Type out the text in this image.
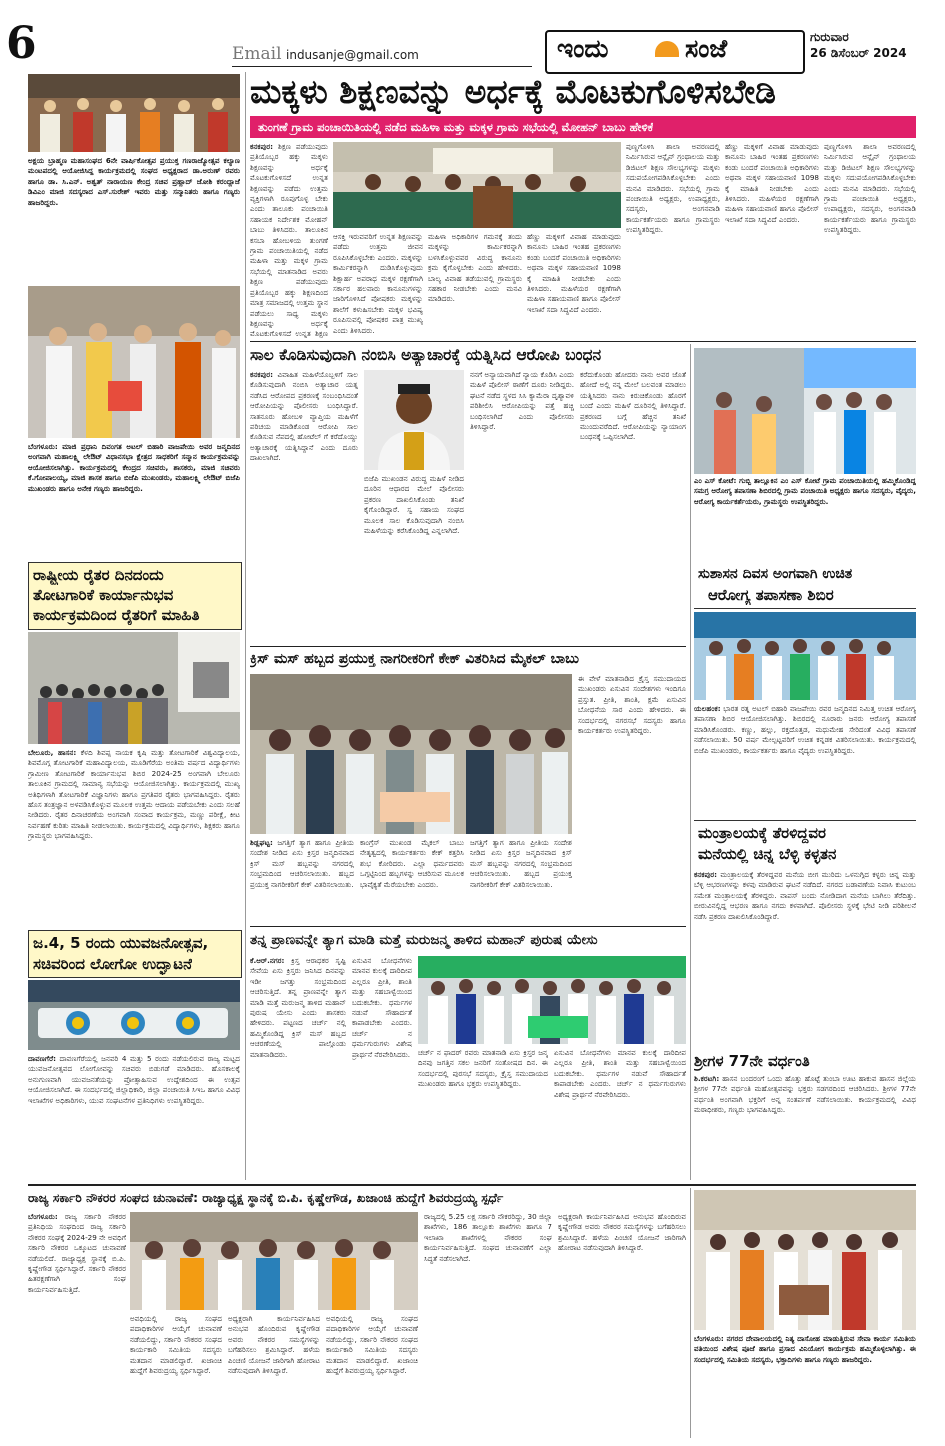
6	Email indusanje@gmail.com	ಇಂದು	ಸಂಜೆ	ಗುರುವಾರ
26 ಡಿಸೆಂಬರ್ 2024
ಅಕ್ಷಯ ಬ್ರಾಹ್ಮಣ ಮಹಾಸಂಘದ 6ನೇ ವಾರ್ಷಿಕೋತ್ಸವ ಪ್ರಯುಕ್ತ ಗಣರಾಜ್ಯೋತ್ಸವ ಕಲ್ಯಾಣ ಮಂಟಪದಲ್ಲಿ ಆಯೋಜಿಸಿದ್ದ ಕಾರ್ಯಕ್ರಮದಲ್ಲಿ ಸಂಘದ ಅಧ್ಯಕ್ಷರಾದ ಡಾ.ಅರುಣ್ ರವರು ಹಾಗೂ ಡಾ. ಸಿ.ಎನ್. ಅಶ್ವತ್ ನಾರಾಯಣ ಕೇಂದ್ರ ಸಚಿವ ಪ್ರಹ್ಲಾದ್ ಜೋಶಿ ಕರಂದ್ಲಾಜೆ ಡಿವಿಎಂ ಮಾಜಿ ಸದಸ್ಯರಾದ ಎಸ್.ಸುರೇಶ್ ಇವರು ಮತ್ತು ಸನ್ಮಾನಿತರು ಹಾಗೂ ಗಣ್ಯರು ಹಾಜರಿದ್ದರು.
ಬೆಂಗಳೂರು: ಮಾಜಿ ಪ್ರಧಾನಿ ದಿವಂಗತ ಅಟಲ್ ಬಿಹಾರಿ ವಾಜಪೇಯಿ ಅವರ ಜನ್ಮದಿನದ ಅಂಗವಾಗಿ ಮಹಾಲಕ್ಷ್ಮಿ ಲೇಔಟ್ ವಿಧಾನಸಭಾ ಕ್ಷೇತ್ರದ ಸಾಧಕರಿಗೆ ಸನ್ಮಾನ ಕಾರ್ಯಕ್ರಮವನ್ನು ಆಯೋಜಿಸಲಾಗಿತ್ತು. ಕಾರ್ಯಕ್ರಮದಲ್ಲಿ ಕೇಂದ್ರದ ಸಚಿವರು, ಶಾಸಕರು, ಮಾಜಿ ಸಚಿವರು ಕೆ.ಗೋಪಾಲಯ್ಯ, ಮಾಜಿ ಶಾಸಕ ಹಾಗೂ ಬಿಜೆಪಿ ಮುಖಂಡರು, ಮಹಾಲಕ್ಷ್ಮಿ ಲೇಔಟ್ ಬಿಜೆಪಿ ಮುಖಂಡರು ಹಾಗೂ ಅನೇಕ ಗಣ್ಯರು ಹಾಜರಿದ್ದರು.
ರಾಷ್ಟ್ರೀಯ ರೈತರ ದಿನದಂದು
ತೋಟಗಾರಿಕೆ ಕಾರ್ಯಾನುಭವ
ಕಾರ್ಯಕ್ರಮದಿಂದ ರೈತರಿಗೆ ಮಾಹಿತಿ
ಬೇಲೂರು, ಹಾಸನ: ಕೆಳದಿ ಶಿವಪ್ಪ ನಾಯಕ ಕೃಷಿ ಮತ್ತು ತೋಟಗಾರಿಕೆ ವಿಶ್ವವಿದ್ಯಾಲಯ, ಶಿವಮೊಗ್ಗ ತೋಟಗಾರಿಕೆ ಮಹಾವಿದ್ಯಾಲಯ, ಮೂಡಿಗೆರೆಯ ಅಂತಿಮ ವರ್ಷದ ವಿದ್ಯಾರ್ಥಿಗಳು ಗ್ರಾಮೀಣ ತೋಟಗಾರಿಕೆ ಕಾರ್ಯಾನುಭವ ಶಿಬಿರ 2024-25 ಅಂಗವಾಗಿ ಬೇಲೂರು ತಾಲೂಕಿನ ಗ್ರಾಮದಲ್ಲಿ ಸಾಮಾನ್ಯ ಸಭೆಯನ್ನು ಆಯೋಜಿಸಲಾಗಿತ್ತು. ಕಾರ್ಯಕ್ರಮದಲ್ಲಿ ಮುಖ್ಯ ಅತಿಥಿಗಳಾಗಿ ತೋಟಗಾರಿಕೆ ವಿಜ್ಞಾನಿಗಳು ಹಾಗೂ ಪ್ರಗತಿಪರ ರೈತರು ಭಾಗವಹಿಸಿದ್ದರು. ರೈತರು ಹೊಸ ತಂತ್ರಜ್ಞಾನ ಅಳವಡಿಸಿಕೊಳ್ಳುವ ಮೂಲಕ ಉತ್ತಮ ಆದಾಯ ಪಡೆಯಬೇಕು ಎಂದು ಸಲಹೆ ನೀಡಿದರು. ರೈತರ ದಿನಾಚರಣೆಯ ಅಂಗವಾಗಿ ಸಂವಾದ ಕಾರ್ಯಕ್ರಮ, ಮಣ್ಣು ಪರೀಕ್ಷೆ, ಕೀಟ ನಿರ್ವಹಣೆ ಕುರಿತು ಮಾಹಿತಿ ನೀಡಲಾಯಿತು. ಕಾರ್ಯಕ್ರಮದಲ್ಲಿ ವಿದ್ಯಾರ್ಥಿಗಳು, ಶಿಕ್ಷಕರು ಹಾಗೂ ಗ್ರಾಮಸ್ಥರು ಭಾಗವಹಿಸಿದ್ದರು.
ಜ.4, 5 ರಂದು ಯುವಜನೋತ್ಸವ,
ಸಚಿವರಿಂದ ಲೋಗೋ ಉದ್ಘಾಟನೆ
ದಾವಣಗೆರೆ: ದಾವಣಗೆರೆಯಲ್ಲಿ ಜನವರಿ 4 ಮತ್ತು 5 ರಂದು ನಡೆಯಲಿರುವ ರಾಜ್ಯ ಮಟ್ಟದ ಯುವಜನೋತ್ಸವದ ಲೋಗೋವನ್ನು ಸಚಿವರು ಬಿಡುಗಡೆ ಮಾಡಿದರು. ಹೊಸಕಾಲಕ್ಕೆ ಅನುಗುಣವಾಗಿ ಯುವಜನತೆಯನ್ನು ಪ್ರೋತ್ಸಾಹಿಸುವ ಉದ್ದೇಶದಿಂದ ಈ ಉತ್ಸವ ಆಯೋಜಿಸಲಾಗಿದೆ. ಈ ಸಂದರ್ಭದಲ್ಲಿ ಜಿಲ್ಲಾಧಿಕಾರಿ, ಜಿಲ್ಲಾ ಪಂಚಾಯಿತಿ ಸಿಇಒ ಹಾಗೂ ವಿವಿಧ ಇಲಾಖೆಗಳ ಅಧಿಕಾರಿಗಳು, ಯುವ ಸಂಘಟನೆಗಳ ಪ್ರತಿನಿಧಿಗಳು ಉಪಸ್ಥಿತರಿದ್ದರು.
ಮಕ್ಕಳು ಶಿಕ್ಷಣವನ್ನು ಅರ್ಧಕ್ಕೆ ಮೊಟಕುಗೊಳಿಸಬೇಡಿ
ತುಂಗಣೆ ಗ್ರಾಮ ಪಂಚಾಯಿತಿಯಲ್ಲಿ ನಡೆದ ಮಹಿಳಾ ಮತ್ತು ಮಕ್ಕಳ ಗ್ರಾಮ ಸಭೆಯಲ್ಲಿ ಮೋಹನ್ ಬಾಬು ಹೇಳಿಕೆ
ಕನಕಪುರ: ಶಿಕ್ಷಣ ಪಡೆಯುವುದು ಪ್ರತಿಯೊಬ್ಬರ ಹಕ್ಕು ಮಕ್ಕಳು ಶಿಕ್ಷಣವನ್ನು ಅರ್ಧಕ್ಕೆ ಮೊಟಕುಗೊಳಿಸದೆ ಉನ್ನತ ಶಿಕ್ಷಣವನ್ನು ಪಡೆದು ಉತ್ತಮ ವ್ಯಕ್ತಿಗಳಾಗಿ ರೂಪುಗೊಳ್ಳ ಬೇಕು ಎಂದು ತಾಲೂಕು ಪಂಚಾಯಿತಿ ಸಹಾಯಕ ನಿರ್ದೇಶಕ ಮೋಹನ್ ಬಾಬು ತಿಳಿಸಿದರು. ತಾಲೂಕಿನ ಕಸಬಾ ಹೋಬಳಿಯ ತುಂಗಣೆ ಗ್ರಾಮ ಪಂಚಾಯಿತಿಯಲ್ಲಿ ನಡೆದ ಮಹಿಳಾ ಮತ್ತು ಮಕ್ಕಳ ಗ್ರಾಮ ಸಭೆಯಲ್ಲಿ ಮಾತನಾಡಿದ ಅವರು ಶಿಕ್ಷಣ ಪಡೆಯುವುದು ಪ್ರತಿಯೊಬ್ಬರ ಹಕ್ಕು ಶಿಕ್ಷಣದಿಂದ ಮಾತ್ರ ಸಮಾಜದಲ್ಲಿ ಉತ್ತಮ ಸ್ಥಾನ ಪಡೆಯಲು ಸಾಧ್ಯ ಮಕ್ಕಳು ಶಿಕ್ಷಣವನ್ನು ಅರ್ಧಕ್ಕೆ ಮೊಟಕುಗೊಳಿಸದೆ ಉನ್ನತ ಶಿಕ್ಷಣ
ಆಸಕ್ತಿ ಇರುವವರಿಗೆ ಉನ್ನತ ಶಿಕ್ಷಣವನ್ನು ಪಡೆದು ಉತ್ತಮ ಜೀವನ ರೂಪಿಸಿಕೊಳ್ಳಬೇಕು ಎಂದರು. ಮಕ್ಕಳನ್ನು ಕಾರ್ಮಿಕರನ್ನಾಗಿ ದುಡಿಸಿಕೊಳ್ಳುವುದು ಶಿಕ್ಷಾರ್ಹ ಅಪರಾಧ ಮಕ್ಕಳ ರಕ್ಷಣೆಗಾಗಿ ಸರ್ಕಾರ ಹಲವಾರು ಕಾನೂನುಗಳನ್ನು ಜಾರಿಗೊಳಿಸಿದೆ ಪೋಷಕರು ಮಕ್ಕಳನ್ನು ಶಾಲೆಗೆ ಕಳುಹಿಸಬೇಕು ಮಕ್ಕಳ ಭವಿಷ್ಯ ರೂಪಿಸುವಲ್ಲಿ ಪೋಷಕರ ಪಾತ್ರ ಮುಖ್ಯ ಎಂದು ತಿಳಿಸಿದರು.
ಮಹಿಳಾ ಅಧಿಕಾರಿಗಳ ಗಮನಕ್ಕೆ ತಂದು ಮಕ್ಕಳನ್ನು ಕಾರ್ಮಿಕರನ್ನಾಗಿ ಬಳಸಿಕೊಳ್ಳುವವರ ವಿರುದ್ಧ ಕಾನೂನು ಕ್ರಮ ಕೈಗೊಳ್ಳಬೇಕು ಎಂದು ಹೇಳಿದರು. ಬಾಲ್ಯ ವಿವಾಹ ತಡೆಯುವಲ್ಲಿ ಗ್ರಾಮಸ್ಥರು ಸಹಕಾರ ನೀಡಬೇಕು ಎಂದು ಮನವಿ ಮಾಡಿದರು.
ಹೆಣ್ಣು ಮಕ್ಕಳಿಗೆ ವಿವಾಹ ಮಾಡುವುದು ಕಾನೂನು ಬಾಹಿರ ಇಂತಹ ಪ್ರಕರಣಗಳು ಕಂಡು ಬಂದರೆ ಪಂಚಾಯಿತಿ ಅಧಿಕಾರಿಗಳು ಅಥವಾ ಮಕ್ಕಳ ಸಹಾಯವಾಣಿ 1098 ಕ್ಕೆ ಮಾಹಿತಿ ನೀಡಬೇಕು ಎಂದು ತಿಳಿಸಿದರು. ಮಹಿಳೆಯರ ರಕ್ಷಣೆಗಾಗಿ ಮಹಿಳಾ ಸಹಾಯವಾಣಿ ಹಾಗೂ ಪೊಲೀಸ್ ಇಲಾಖೆ ಸದಾ ಸಿದ್ಧವಿದೆ ಎಂದರು.
ಪುಣ್ಣಗೊಳಿಸಿ ಶಾಲಾ ಅವರಣದಲ್ಲಿ ನಿರ್ಮಿಸಿರುವ ಆನ್ಲೈನ್ ಗ್ರಂಥಾಲಯ ಮತ್ತು ಡಿಜಿಟಲ್ ಶಿಕ್ಷಣ ಸೌಲಭ್ಯಗಳನ್ನು ಮಕ್ಕಳು ಸದುಪಯೋಗಪಡಿಸಿಕೊಳ್ಳಬೇಕು ಎಂದು ಮನವಿ ಮಾಡಿದರು. ಸಭೆಯಲ್ಲಿ ಗ್ರಾಮ ಪಂಚಾಯಿತಿ ಅಧ್ಯಕ್ಷರು, ಉಪಾಧ್ಯಕ್ಷರು, ಸದಸ್ಯರು, ಅಂಗನವಾಡಿ ಕಾರ್ಯಕರ್ತೆಯರು ಹಾಗೂ ಗ್ರಾಮಸ್ಥರು ಉಪಸ್ಥಿತರಿದ್ದರು.
ಹೆಣ್ಣು ಮಕ್ಕಳಿಗೆ ವಿವಾಹ ಮಾಡುವುದು ಕಾನೂನು ಬಾಹಿರ ಇಂತಹ ಪ್ರಕರಣಗಳು ಕಂಡು ಬಂದರೆ ಪಂಚಾಯಿತಿ ಅಧಿಕಾರಿಗಳು ಅಥವಾ ಮಕ್ಕಳ ಸಹಾಯವಾಣಿ 1098 ಕ್ಕೆ ಮಾಹಿತಿ ನೀಡಬೇಕು ಎಂದು ತಿಳಿಸಿದರು. ಮಹಿಳೆಯರ ರಕ್ಷಣೆಗಾಗಿ ಮಹಿಳಾ ಸಹಾಯವಾಣಿ ಹಾಗೂ ಪೊಲೀಸ್ ಇಲಾಖೆ ಸದಾ ಸಿದ್ಧವಿದೆ ಎಂದರು.
ಪುಣ್ಣಗೊಳಿಸಿ ಶಾಲಾ ಅವರಣದಲ್ಲಿ ನಿರ್ಮಿಸಿರುವ ಆನ್ಲೈನ್ ಗ್ರಂಥಾಲಯ ಮತ್ತು ಡಿಜಿಟಲ್ ಶಿಕ್ಷಣ ಸೌಲಭ್ಯಗಳನ್ನು ಮಕ್ಕಳು ಸದುಪಯೋಗಪಡಿಸಿಕೊಳ್ಳಬೇಕು ಎಂದು ಮನವಿ ಮಾಡಿದರು. ಸಭೆಯಲ್ಲಿ ಗ್ರಾಮ ಪಂಚಾಯಿತಿ ಅಧ್ಯಕ್ಷರು, ಉಪಾಧ್ಯಕ್ಷರು, ಸದಸ್ಯರು, ಅಂಗನವಾಡಿ ಕಾರ್ಯಕರ್ತೆಯರು ಹಾಗೂ ಗ್ರಾಮಸ್ಥರು ಉಪಸ್ಥಿತರಿದ್ದರು.
ಸಾಲ ಕೊಡಿಸುವುದಾಗಿ ನಂಬಿಸಿ ಅತ್ಯಾಚಾರಕ್ಕೆ ಯತ್ನಿಸಿದ ಆರೋಪಿ ಬಂಧನ
ಕನಕಪುರ: ವಿವಾಹಿತ ಮಹಿಳೆಯೊಬ್ಬಳಿಗೆ ಸಾಲ ಕೊಡಿಸುವುದಾಗಿ ನಂಬಿಸಿ ಅತ್ಯಾಚಾರ ಯತ್ನ ನಡೆಸಿದ ಆರೋಪದ ಪ್ರಕರಣಕ್ಕೆ ಸಂಬಂಧಿಸಿದಂತೆ ಆರೋಪಿಯನ್ನು ಪೊಲೀಸರು ಬಂಧಿಸಿದ್ದಾರೆ. ಸಾತನೂರು ಹೋಬಳಿ ವ್ಯಾಪ್ತಿಯ ಮಹಿಳೆಗೆ ಪರಿಚಯ ಮಾಡಿಕೊಂಡ ಆರೋಪಿ ಸಾಲ ಕೊಡಿಸುವ ನೆಪದಲ್ಲಿ ಹೋಟೆಲ್ ಗೆ ಕರೆದೊಯ್ದು ಅತ್ಯಾಚಾರಕ್ಕೆ ಯತ್ನಿಸಿದ್ದಾನೆ ಎಂದು ದೂರು ದಾಖಲಾಗಿದೆ.
ಬಿಜೆಪಿ ಮುಖಂಡನ ವಿರುದ್ಧ ಮಹಿಳೆ ನೀಡಿದ ದೂರಿನ ಆಧಾರದ ಮೇಲೆ ಪೊಲೀಸರು ಪ್ರಕರಣ ದಾಖಲಿಸಿಕೊಂಡು ತನಿಖೆ ಕೈಗೊಂಡಿದ್ದಾರೆ. ಸ್ವ ಸಹಾಯ ಸಂಘದ ಮೂಲಕ ಸಾಲ ಕೊಡಿಸುವುದಾಗಿ ನಂಬಿಸಿ ಮಹಿಳೆಯನ್ನು ಕರೆಸಿಕೊಂಡಿದ್ದ ಎನ್ನಲಾಗಿದೆ.
ನನಗೆ ಅನ್ಯಾಯವಾಗಿದೆ ನ್ಯಾಯ ಕೊಡಿಸಿ ಎಂದು ಮಹಿಳೆ ಪೊಲೀಸ್ ಠಾಣೆಗೆ ದೂರು ನೀಡಿದ್ದರು. ಘಟನೆ ನಡೆದ ಸ್ಥಳದ ಸಿಸಿ ಕ್ಯಾಮೆರಾ ದೃಶ್ಯಾವಳಿ ಪರಿಶೀಲಿಸಿ ಆರೋಪಿಯನ್ನು ಪತ್ತೆ ಹಚ್ಚಿ ಬಂಧಿಸಲಾಗಿದೆ ಎಂದು ಪೊಲೀಸರು ತಿಳಿಸಿದ್ದಾರೆ.
ಕರೆದುಕೊಂಡು ಹೋದರು ನಾನು ಅವರ ಜೊತೆ ಹೋದೆ ಅಲ್ಲಿ ನನ್ನ ಮೇಲೆ ಬಲವಂತ ಮಾಡಲು ಯತ್ನಿಸಿದರು ನಾನು ಕಿರುಚಿಕೊಂಡು ಹೊರಗೆ ಬಂದೆ ಎಂದು ಮಹಿಳೆ ದೂರಿನಲ್ಲಿ ತಿಳಿಸಿದ್ದಾರೆ. ಪ್ರಕರಣದ ಬಗ್ಗೆ ಹೆಚ್ಚಿನ ತನಿಖೆ ಮುಂದುವರೆದಿದೆ. ಆರೋಪಿಯನ್ನು ನ್ಯಾಯಾಂಗ ಬಂಧನಕ್ಕೆ ಒಪ್ಪಿಸಲಾಗಿದೆ.
ಎಂ ಎಸ್ ಕೋಟೆ: ಗುಬ್ಬಿ ತಾಲ್ಲೂಕಿನ ಎಂ ಎಸ್ ಕೋಟೆ ಗ್ರಾಮ ಪಂಚಾಯಿತಿಯಲ್ಲಿ ಹಮ್ಮಿಕೊಂಡಿದ್ದ ಸಮಗ್ರ ಆರೋಗ್ಯ ತಪಾಸಣಾ ಶಿಬಿರದಲ್ಲಿ ಗ್ರಾಮ ಪಂಚಾಯಿತಿ ಅಧ್ಯಕ್ಷರು ಹಾಗೂ ಸದಸ್ಯರು, ವೈದ್ಯರು, ಆರೋಗ್ಯ ಕಾರ್ಯಕರ್ತೆಯರು, ಗ್ರಾಮಸ್ಥರು ಉಪಸ್ಥಿತರಿದ್ದರು.
ಸುಶಾಸನ ದಿವಸ ಅಂಗವಾಗಿ ಉಚಿತ
ಆರೋಗ್ಯ ತಪಾಸಣಾ ಶಿಬಿರ
ಯಲಹಂಕ: ಭಾರತ ರತ್ನ ಅಟಲ್ ಬಿಹಾರಿ ವಾಜಪೇಯಿ ರವರ ಜನ್ಮದಿನದ ನಿಮಿತ್ತ ಉಚಿತ ಆರೋಗ್ಯ ತಪಾಸಣಾ ಶಿಬಿರ ಆಯೋಜಿಸಲಾಗಿತ್ತು. ಶಿಬಿರದಲ್ಲಿ ನೂರಾರು ಜನರು ಆರೋಗ್ಯ ತಪಾಸಣೆ ಮಾಡಿಸಿಕೊಂಡರು. ಕಣ್ಣು, ಹಲ್ಲು, ರಕ್ತದೊತ್ತಡ, ಮಧುಮೇಹ ಸೇರಿದಂತೆ ವಿವಿಧ ತಪಾಸಣೆ ನಡೆಸಲಾಯಿತು. 50 ವರ್ಷ ಮೇಲ್ಪಟ್ಟವರಿಗೆ ಉಚಿತ ಕನ್ನಡಕ ವಿತರಿಸಲಾಯಿತು. ಕಾರ್ಯಕ್ರಮದಲ್ಲಿ ಬಿಜೆಪಿ ಮುಖಂಡರು, ಕಾರ್ಯಕರ್ತರು ಹಾಗೂ ವೈದ್ಯರು ಉಪಸ್ಥಿತರಿದ್ದರು.
ಮಂತ್ರಾಲಯಕ್ಕೆ ತೆರಳಿದ್ದವರ
ಮನೆಯಲ್ಲಿ ಚಿನ್ನ ಬೆಳ್ಳಿ ಕಳ್ಳತನ
ಕನಕಪುರ: ಮಂತ್ರಾಲಯಕ್ಕೆ ತೆರಳಿದ್ದವರ ಮನೆಯ ಬೀಗ ಮುರಿದು ಒಳನುಗ್ಗಿದ ಕಳ್ಳರು ಚಿನ್ನ ಮತ್ತು ಬೆಳ್ಳಿ ಆಭರಣಗಳನ್ನು ಕಳವು ಮಾಡಿರುವ ಘಟನೆ ನಡೆದಿದೆ. ನಗರದ ಬಡಾವಣೆಯ ನಿವಾಸಿ ಕುಟುಂಬ ಸಮೇತ ಮಂತ್ರಾಲಯಕ್ಕೆ ತೆರಳಿದ್ದರು. ವಾಪಸ್ ಬಂದು ನೋಡಿದಾಗ ಮನೆಯ ಬಾಗಿಲು ತೆರೆದಿತ್ತು. ಬೀರುವಿನಲ್ಲಿದ್ದ ಆಭರಣ ಹಾಗೂ ನಗದು ಕಳವಾಗಿದೆ. ಪೊಲೀಸರು ಸ್ಥಳಕ್ಕೆ ಭೇಟಿ ನೀಡಿ ಪರಿಶೀಲನೆ ನಡೆಸಿ ಪ್ರಕರಣ ದಾಖಲಿಸಿಕೊಂಡಿದ್ದಾರೆ.
ಶ್ರೀಗಳ 77ನೇ ವರ್ಧಂತಿ
ಶಿ.ಕರಟಗಿ: ಹಾಸನ ಬಂದರಂಗೆ ಒಂದು ಹೊತ್ತು ಹೊಟ್ಟೆ ತುಂಬಾ ಊಟ ಹಾಕುವ ಹಾಸನ ಜಿಲ್ಲೆಯ ಶ್ರೀಗಳ 77ನೇ ವರ್ಧಂತಿ ಮಹೋತ್ಸವವನ್ನು ಭಕ್ತರು ಸಡಗರದಿಂದ ಆಚರಿಸಿದರು. ಶ್ರೀಗಳ 77ನೇ ವರ್ಧಂತಿ ಅಂಗವಾಗಿ ಭಕ್ತರಿಗೆ ಅನ್ನ ಸಂತರ್ಪಣೆ ನಡೆಸಲಾಯಿತು. ಕಾರ್ಯಕ್ರಮದಲ್ಲಿ ವಿವಿಧ ಮಠಾಧೀಶರು, ಗಣ್ಯರು ಭಾಗವಹಿಸಿದ್ದರು.
ಕ್ರಿಸ್ ಮಸ್ ಹಬ್ಬದ ಪ್ರಯುಕ್ತ ನಾಗರೀಕರಿಗೆ ಕೇಕ್ ವಿತರಿಸಿದ ಮೈಕಲ್ ಬಾಬು
ಶಿಡ್ಲಘಟ್ಟ: ಜಗತ್ತಿಗೆ ತ್ಯಾಗ ಹಾಗೂ ಪ್ರೀತಿಯ ಸಂದೇಶ ನೀಡಿದ ಏಸು ಕ್ರಿಸ್ತರ ಜನ್ಮದಿನವಾದ ಕ್ರಿಸ್ ಮಸ್ ಹಬ್ಬವನ್ನು ನಗರದಲ್ಲಿ ಸಂಭ್ರಮದಿಂದ ಆಚರಿಸಲಾಯಿತು. ಹಬ್ಬದ ಪ್ರಯುಕ್ತ ನಾಗರೀಕರಿಗೆ ಕೇಕ್ ವಿತರಿಸಲಾಯಿತು.
ಕಾಂಗ್ರೆಸ್ ಮುಖಂಡ ಮೈಕಲ್ ಬಾಬು ನೇತೃತ್ವದಲ್ಲಿ ಕಾರ್ಯಕರ್ತರು ಕೇಕ್ ಕತ್ತರಿಸಿ ಶುಭ ಕೋರಿದರು. ಎಲ್ಲಾ ಧರ್ಮದವರು ಒಗ್ಗಟ್ಟಿನಿಂದ ಹಬ್ಬಗಳನ್ನು ಆಚರಿಸುವ ಮೂಲಕ ಭಾವೈಕ್ಯತೆ ಮೆರೆಯಬೇಕು ಎಂದರು.
ಜಗತ್ತಿಗೆ ತ್ಯಾಗ ಹಾಗೂ ಪ್ರೀತಿಯ ಸಂದೇಶ ನೀಡಿದ ಏಸು ಕ್ರಿಸ್ತರ ಜನ್ಮದಿನವಾದ ಕ್ರಿಸ್ ಮಸ್ ಹಬ್ಬವನ್ನು ನಗರದಲ್ಲಿ ಸಂಭ್ರಮದಿಂದ ಆಚರಿಸಲಾಯಿತು. ಹಬ್ಬದ ಪ್ರಯುಕ್ತ ನಾಗರೀಕರಿಗೆ ಕೇಕ್ ವಿತರಿಸಲಾಯಿತು.
ಈ ವೇಳೆ ಮಾತನಾಡಿದ ಕ್ರೈಸ್ತ ಸಮುದಾಯದ ಮುಖಂಡರು ಏಸುವಿನ ಸಂದೇಶಗಳು ಇಂದಿಗೂ ಪ್ರಸ್ತುತ. ಪ್ರೀತಿ, ಶಾಂತಿ, ಕ್ಷಮೆ ಏಸುವಿನ ಬೋಧನೆಯ ಸಾರ ಎಂದು ಹೇಳಿದರು. ಈ ಸಂದರ್ಭದಲ್ಲಿ ನಗರಸಭೆ ಸದಸ್ಯರು ಹಾಗೂ ಕಾರ್ಯಕರ್ತರು ಉಪಸ್ಥಿತರಿದ್ದರು.
ತನ್ನ ಪ್ರಾಣವನ್ನೇ ತ್ಯಾಗ ಮಾಡಿ ಮತ್ತೆ ಮರುಜನ್ಮ ತಾಳಿದ ಮಹಾನ್ ಪುರುಷ ಯೇಸು
ಕೆ.ಆರ್.ನಗರ: ಕ್ರಿಸ್ತ ಆರಾಧಕರ ಸೃಷ್ಟಿ ಸೇವೆಯ ಏಸು ಕ್ರಿಸ್ತರು ಜನಿಸಿದ ದಿನವನ್ನು ಇಡೀ ಜಗತ್ತು ಸಂಭ್ರಮದಿಂದ ಆಚರಿಸುತ್ತಿದೆ. ತನ್ನ ಪ್ರಾಣವನ್ನೇ ತ್ಯಾಗ ಮಾಡಿ ಮತ್ತೆ ಮರುಜನ್ಮ ತಾಳಿದ ಮಹಾನ್ ಪುರುಷ ಯೇಸು ಎಂದು ಶಾಸಕರು ಹೇಳಿದರು. ಪಟ್ಟಣದ ಚರ್ಚ್ ನಲ್ಲಿ ಹಮ್ಮಿಕೊಂಡಿದ್ದ ಕ್ರಿಸ್ ಮಸ್ ಹಬ್ಬದ ಆಚರಣೆಯಲ್ಲಿ ಪಾಲ್ಗೊಂಡು ಮಾತನಾಡಿದರು.
ಏಸುವಿನ ಬೋಧನೆಗಳು ಮಾನವ ಕುಲಕ್ಕೆ ದಾರಿದೀಪ ಎಲ್ಲರೂ ಪ್ರೀತಿ, ಶಾಂತಿ ಮತ್ತು ಸಹಬಾಳ್ವೆಯಿಂದ ಬದುಕಬೇಕು. ಧರ್ಮಗಳ ನಡುವೆ ಸೌಹಾರ್ದತೆ ಕಾಪಾಡಬೇಕು ಎಂದರು. ಚರ್ಚ್ ನ ಧರ್ಮಗುರುಗಳು ವಿಶೇಷ ಪ್ರಾರ್ಥನೆ ನೆರವೇರಿಸಿದರು. ಚರ್ಚ್ ನ ಫಾದರ್ ರವರು ಮಾತನಾಡಿ ಏಸು ಕ್ರಿಸ್ತರ ಜನ್ಮ ದಿನವು ಜಗತ್ತಿನ ಸಕಲ ಜನರಿಗೆ ಸಂತೋಷದ ದಿನ. ಈ ಸಂದರ್ಭದಲ್ಲಿ ಪುರಸಭೆ ಸದಸ್ಯರು, ಕ್ರೈಸ್ತ ಸಮುದಾಯದ ಮುಖಂಡರು ಹಾಗೂ ಭಕ್ತರು ಉಪಸ್ಥಿತರಿದ್ದರು.
ಏಸುವಿನ ಬೋಧನೆಗಳು ಮಾನವ ಕುಲಕ್ಕೆ ದಾರಿದೀಪ ಎಲ್ಲರೂ ಪ್ರೀತಿ, ಶಾಂತಿ ಮತ್ತು ಸಹಬಾಳ್ವೆಯಿಂದ ಬದುಕಬೇಕು. ಧರ್ಮಗಳ ನಡುವೆ ಸೌಹಾರ್ದತೆ ಕಾಪಾಡಬೇಕು ಎಂದರು. ಚರ್ಚ್ ನ ಧರ್ಮಗುರುಗಳು ವಿಶೇಷ ಪ್ರಾರ್ಥನೆ ನೆರವೇರಿಸಿದರು.
ರಾಜ್ಯ ಸರ್ಕಾರಿ ನೌಕರರ ಸಂಘದ ಚುನಾವಣೆ: ರಾಜ್ಯಾಧ್ಯಕ್ಷ ಸ್ಥಾನಕ್ಕೆ ಬಿ.ಪಿ. ಕೃಷ್ಣೇಗೌಡ, ಖಜಾಂಚಿ ಹುದ್ದೆಗೆ ಶಿವರುದ್ರಯ್ಯ ಸ್ಪರ್ಧೆ
ಬೆಂಗಳೂರು: ರಾಜ್ಯ ಸರ್ಕಾರಿ ನೌಕರರ ಪ್ರತಿನಿಧಿಯ ಸಂಘದಿಂದ ರಾಜ್ಯ ಸರ್ಕಾರಿ ನೌಕರರ ಸಂಘಕ್ಕೆ 2024-29 ನೇ ಅವಧಿಗೆ ಸರ್ಕಾರಿ ನೌಕರರ ಒಕ್ಕೂಟದ ಚುನಾವಣೆ ನಡೆಯಲಿದೆ. ರಾಜ್ಯಾಧ್ಯಕ್ಷ ಸ್ಥಾನಕ್ಕೆ ಬಿ.ಪಿ. ಕೃಷ್ಣೇಗೌಡ ಸ್ಪರ್ಧಿಸಿದ್ದಾರೆ. ಸರ್ಕಾರಿ ನೌಕರರ ಹಿತರಕ್ಷಣೆಗಾಗಿ ಸಂಘ ಕಾರ್ಯನಿರ್ವಹಿಸುತ್ತಿದೆ.
ಅವಧಿಯಲ್ಲಿ ರಾಜ್ಯ ಸಂಘದ ಪದಾಧಿಕಾರಿಗಳ ಆಯ್ಕೆಗೆ ಚುನಾವಣೆ ನಡೆಯಲಿದ್ದು, ಸರ್ಕಾರಿ ನೌಕರರ ಸಂಘದ ಕಾರ್ಯಕಾರಿ ಸಮಿತಿಯ ಸದಸ್ಯರು ಮತದಾನ ಮಾಡಲಿದ್ದಾರೆ. ಖಜಾಂಚಿ ಹುದ್ದೆಗೆ ಶಿವರುದ್ರಯ್ಯ ಸ್ಪರ್ಧಿಸಿದ್ದಾರೆ.
ಅಧ್ಯಕ್ಷರಾಗಿ ಕಾರ್ಯನಿರ್ವಹಿಸಿದ ಅನುಭವ ಹೊಂದಿರುವ ಕೃಷ್ಣೇಗೌಡ ಅವರು ನೌಕರರ ಸಮಸ್ಯೆಗಳನ್ನು ಬಗೆಹರಿಸಲು ಶ್ರಮಿಸಿದ್ದಾರೆ. ಹಳೆಯ ಪಿಂಚಣಿ ಯೋಜನೆ ಜಾರಿಗಾಗಿ ಹೋರಾಟ ನಡೆಸುವುದಾಗಿ ತಿಳಿಸಿದ್ದಾರೆ.
ಅವಧಿಯಲ್ಲಿ ರಾಜ್ಯ ಸಂಘದ ಪದಾಧಿಕಾರಿಗಳ ಆಯ್ಕೆಗೆ ಚುನಾವಣೆ ನಡೆಯಲಿದ್ದು, ಸರ್ಕಾರಿ ನೌಕರರ ಸಂಘದ ಕಾರ್ಯಕಾರಿ ಸಮಿತಿಯ ಸದಸ್ಯರು ಮತದಾನ ಮಾಡಲಿದ್ದಾರೆ. ಖಜಾಂಚಿ ಹುದ್ದೆಗೆ ಶಿವರುದ್ರಯ್ಯ ಸ್ಪರ್ಧಿಸಿದ್ದಾರೆ.
ರಾಜ್ಯದಲ್ಲಿ 5.25 ಲಕ್ಷ ಸರ್ಕಾರಿ ನೌಕರರಿದ್ದು, 30 ಜಿಲ್ಲಾ ಶಾಖೆಗಳು, 186 ತಾಲ್ಲೂಕು ಶಾಖೆಗಳು ಹಾಗೂ 7 ಇಲಾಖಾ ಶಾಖೆಗಳಲ್ಲಿ ನೌಕರರ ಸಂಘ ಕಾರ್ಯನಿರ್ವಹಿಸುತ್ತಿದೆ. ಸಂಘದ ಚುನಾವಣೆಗೆ ಎಲ್ಲಾ ಸಿದ್ಧತೆ ನಡೆಸಲಾಗಿದೆ.
ಅಧ್ಯಕ್ಷರಾಗಿ ಕಾರ್ಯನಿರ್ವಹಿಸಿದ ಅನುಭವ ಹೊಂದಿರುವ ಕೃಷ್ಣೇಗೌಡ ಅವರು ನೌಕರರ ಸಮಸ್ಯೆಗಳನ್ನು ಬಗೆಹರಿಸಲು ಶ್ರಮಿಸಿದ್ದಾರೆ. ಹಳೆಯ ಪಿಂಚಣಿ ಯೋಜನೆ ಜಾರಿಗಾಗಿ ಹೋರಾಟ ನಡೆಸುವುದಾಗಿ ತಿಳಿಸಿದ್ದಾರೆ.
ಬೆಂಗಳೂರು: ನಗರದ ದೇವಾಲಯದಲ್ಲಿ ನಿತ್ಯ ದಾಸೋಹ ಮಾಡುತ್ತಿರುವ ಸೇವಾ ಕಾರ್ಯ ಸಮಿತಿಯ ವತಿಯಿಂದ ವಿಶೇಷ ಪೂಜೆ ಹಾಗೂ ಪ್ರಸಾದ ವಿನಿಯೋಗ ಕಾರ್ಯಕ್ರಮ ಹಮ್ಮಿಕೊಳ್ಳಲಾಗಿತ್ತು. ಈ ಸಂದರ್ಭದಲ್ಲಿ ಸಮಿತಿಯ ಸದಸ್ಯರು, ಭಕ್ತಾದಿಗಳು ಹಾಗೂ ಗಣ್ಯರು ಹಾಜರಿದ್ದರು.
